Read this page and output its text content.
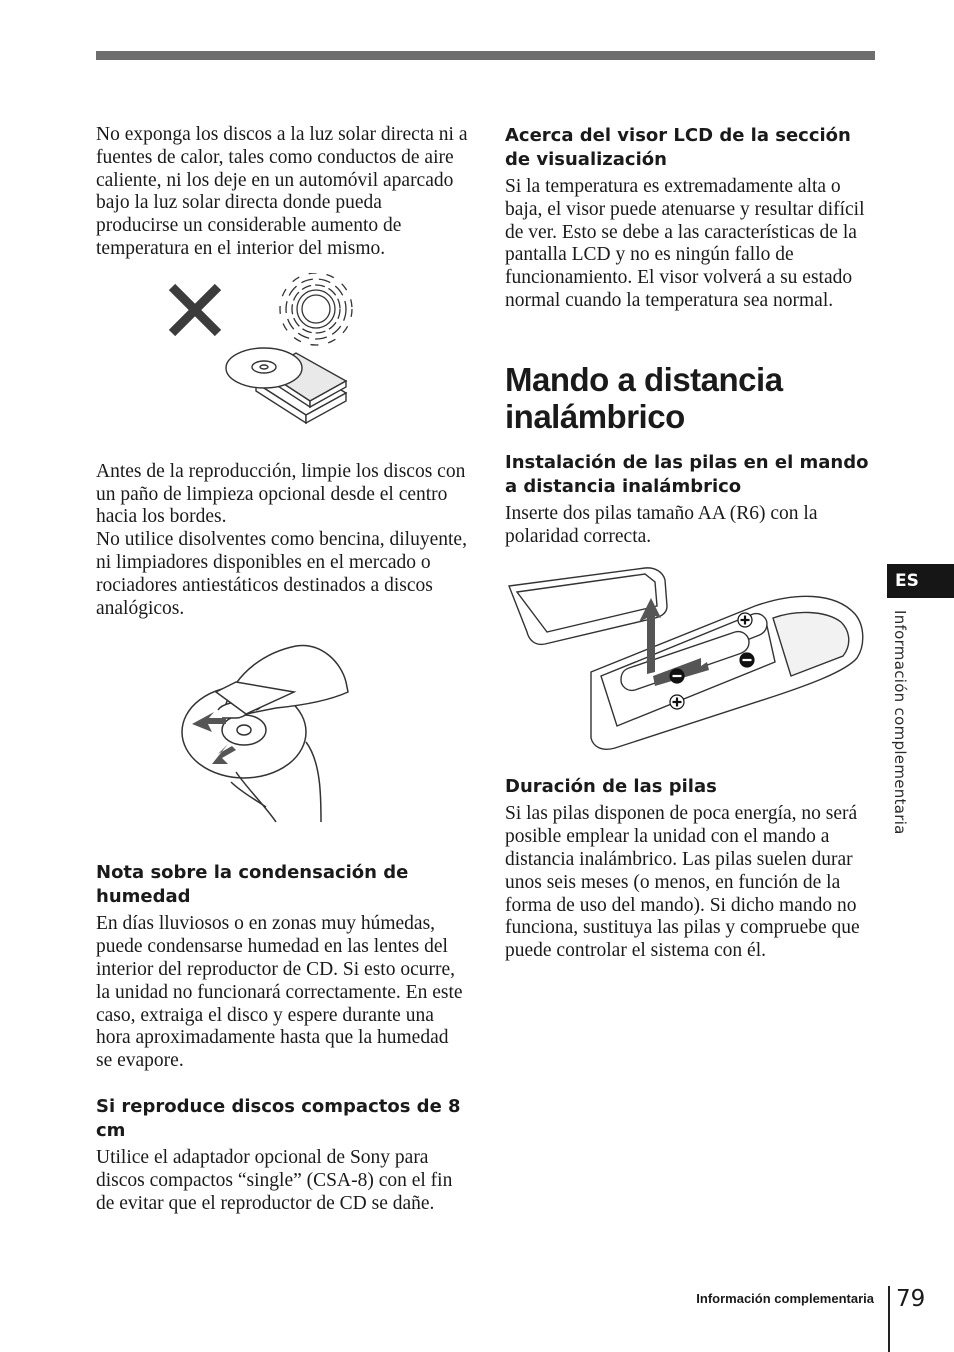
No exponga los discos a la luz solar directa ni a fuentes de calor, tales como conductos de aire caliente, ni los deje en un automóvil aparcado bajo la luz solar directa donde pueda producirse un considerable aumento de temperatura en el interior del mismo.

Antes de la reproducción, limpie los discos con un paño de limpieza opcional desde el centro hacia los bordes.

No utilice disolventes como bencina, diluyente, ni limpiadores disponibles en el mercado o rociadores antiestáticos destinados a discos analógicos.

Nota sobre la condensación de humedad

En días lluviosos o en zonas muy húmedas, puede condensarse humedad en las lentes del interior del reproductor de CD. Si esto ocurre, la unidad no funcionará correctamente. En este caso, extraiga el disco y espere durante una hora aproximadamente hasta que la humedad se evapore.

Si reproduce discos compactos de 8 cm

Utilice el adaptador opcional de Sony para discos compactos “single” (CSA-8) con el fin de evitar que el reproductor de CD se dañe.

Acerca del visor LCD de la sección de visualización

Si la temperatura es extremadamente alta o baja, el visor puede atenuarse y resultar difícil de ver. Esto se debe a las características de la pantalla LCD y no es ningún fallo de funcionamiento. El visor volverá a su estado normal cuando la temperatura sea normal.

Mando a distancia inalámbrico
Instalación de las pilas en el mando a distancia inalámbrico

Inserte dos pilas tamaño AA (R6) con la polaridad correcta.

Duración de las pilas

Si las pilas disponen de poca energía, no será posible emplear la unidad con el mando a distancia inalámbrico. Las pilas suelen durar unos seis meses (o menos, en función de la forma de uso del mando). Si dicho mando no funciona, sustituya las pilas y compruebe que puede controlar el sistema con él.

ES
Información complementaria
Información complementaria 79
